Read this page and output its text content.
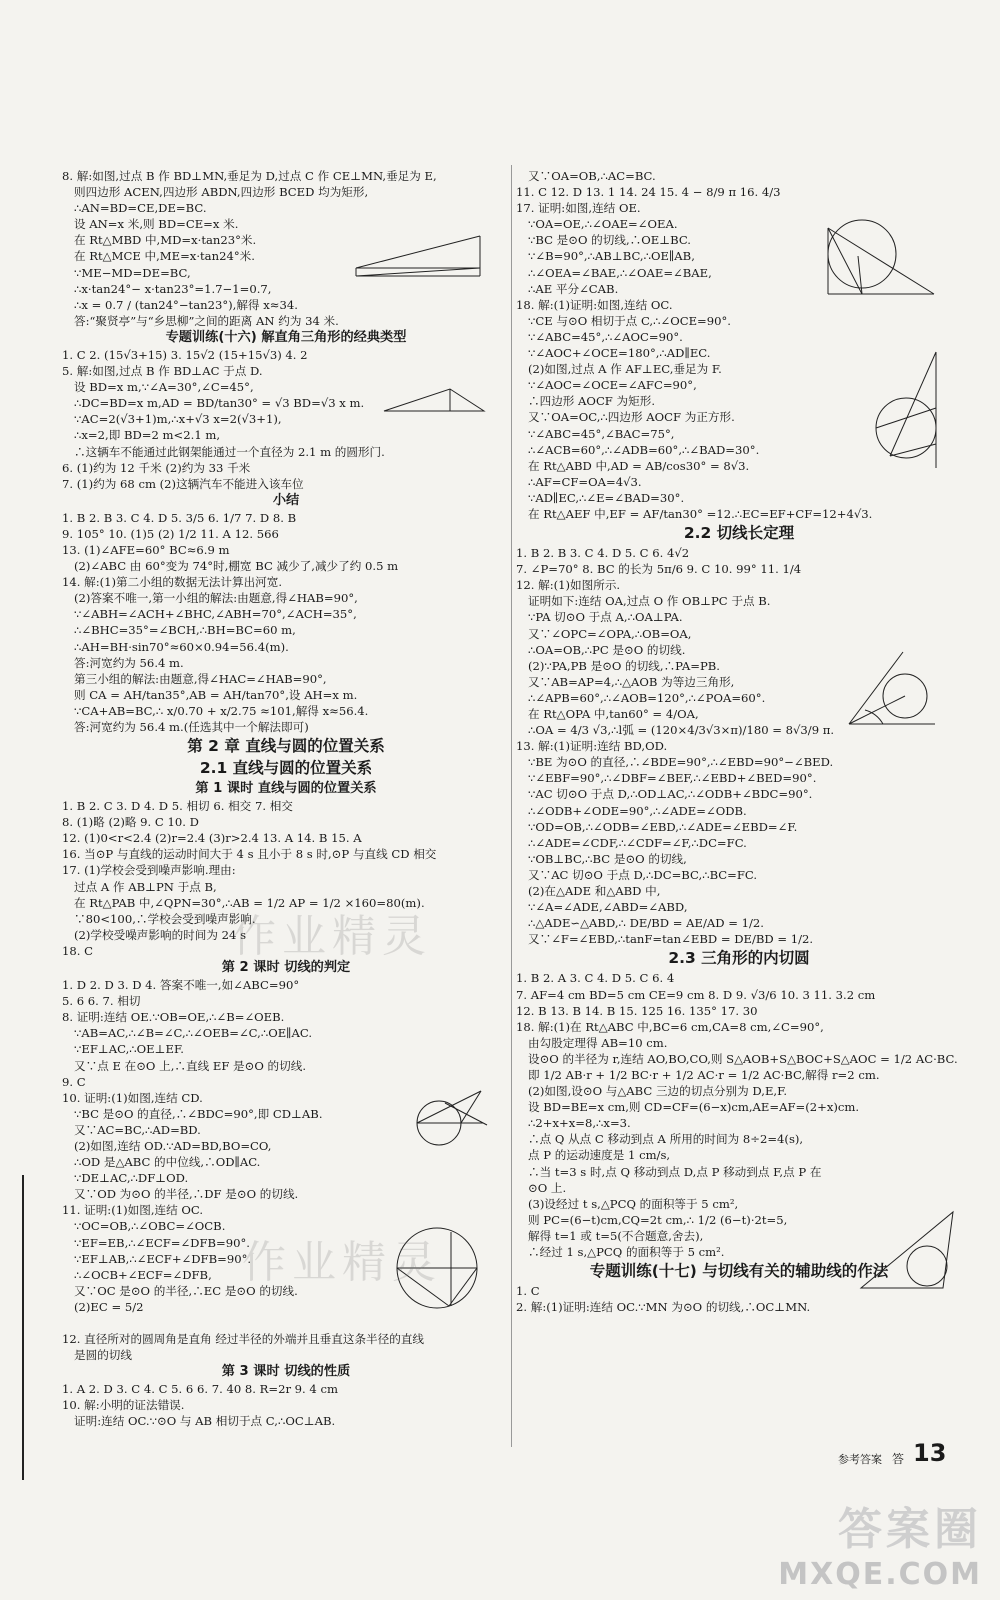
8. 解:如图,过点 B 作 BD⊥MN,垂足为 D,过点 C 作 CE⊥MN,垂足为 E,
则四边形 ACEN,四边形 ABDN,四边形 BCED 均为矩形,
∴AN=BD=CE,DE=BC.
设 AN=x 米,则 BD=CE=x 米.
在 Rt△MBD 中,MD=x·tan23°米.
在 Rt△MCE 中,ME=x·tan24°米.
∵ME−MD=DE=BC,
∴x·tan24°− x·tan23°=1.7−1=0.7,
∴x = 0.7 / (tan24°−tan23°),解得 x≈34.
答:“聚贤亭”与“乡思柳”之间的距离 AN 约为 34 米.
专题训练(十六) 解直角三角形的经典类型
1. C 2. (15√3+15) 3. 15√2 (15+15√3) 4. 2
5. 解:如图,过点 B 作 BD⊥AC 于点 D.
设 BD=x m,∵∠A=30°,∠C=45°,
∴DC=BD=x m,AD = BD/tan30° = √3 BD=√3 x m.
∵AC=2(√3+1)m,∴x+√3 x=2(√3+1),
∴x=2,即 BD=2 m<2.1 m,
∴这辆车不能通过此钢架能通过一个直径为 2.1 m 的圆形门.
6. (1)约为 12 千米 (2)约为 33 千米
7. (1)约为 68 cm (2)这辆汽车不能进入该车位
小结
1. B 2. B 3. C 4. D 5. 3/5 6. 1/7 7. D 8. B
9. 105° 10. (1)5 (2) 1/2 11. A 12. 566
13. (1)∠AFE=60° BC≈6.9 m
(2)∠ABC 由 60°变为 74°时,棚宽 BC 减少了,减少了约 0.5 m
14. 解:(1)第二小组的数据无法计算出河宽.
(2)答案不唯一,第一小组的解法:由题意,得∠HAB=90°,
∵∠ABH=∠ACH+∠BHC,∠ABH=70°,∠ACH=35°,
∴∠BHC=35°=∠BCH,∴BH=BC=60 m,
∴AH=BH·sin70°≈60×0.94=56.4(m).
答:河宽约为 56.4 m.
第三小组的解法:由题意,得∠HAC=∠HAB=90°,
则 CA = AH/tan35°,AB = AH/tan70°,设 AH=x m.
∵CA+AB=BC,∴ x/0.70 + x/2.75 ≈101,解得 x≈56.4.
答:河宽约为 56.4 m.(任选其中一个解法即可)
第 2 章 直线与圆的位置关系
2.1 直线与圆的位置关系
第 1 课时 直线与圆的位置关系
1. B 2. C 3. D 4. D 5. 相切 6. 相交 7. 相交
8. (1)略 (2)略 9. C 10. D
12. (1)0<r<2.4 (2)r=2.4 (3)r>2.4 13. A 14. B 15. A
16. 当⊙P 与直线的运动时间大于 4 s 且小于 8 s 时,⊙P 与直线 CD 相交
17. (1)学校会受到噪声影响.理由:
过点 A 作 AB⊥PN 于点 B,
在 Rt△PAB 中,∠QPN=30°,∴AB = 1/2 AP = 1/2 ×160=80(m).
∵80<100,∴学校会受到噪声影响.
(2)学校受噪声影响的时间为 24 s
18. C
第 2 课时 切线的判定
1. D 2. D 3. D 4. 答案不唯一,如∠ABC=90°
5. 6 6. 7. 相切
8. 证明:连结 OE.∵OB=OE,∴∠B=∠OEB.
∵AB=AC,∴∠B=∠C,∴∠OEB=∠C,∴OE∥AC.
∵EF⊥AC,∴OE⊥EF.
又∵点 E 在⊙O 上,∴直线 EF 是⊙O 的切线.
9. C
10. 证明:(1)如图,连结 CD.
∵BC 是⊙O 的直径,∴∠BDC=90°,即 CD⊥AB.
又∵AC=BC,∴AD=BD.
(2)如图,连结 OD.∵AD=BD,BO=CO,
∴OD 是△ABC 的中位线,∴OD∥AC.
∵DE⊥AC,∴DF⊥OD.
又∵OD 为⊙O 的半径,∴DF 是⊙O 的切线.
11. 证明:(1)如图,连结 OC.
∵OC=OB,∴∠OBC=∠OCB.
∵EF=EB,∴∠ECF=∠DFB=90°.
∵EF⊥AB,∴∠ECF+∠DFB=90°.
∴∠OCB+∠ECF=∠DFB,
又∵OC 是⊙O 的半径,∴EC 是⊙O 的切线.
(2)EC = 5/2
12. 直径所对的圆周角是直角 经过半径的外端并且垂直这条半径的直线
是圆的切线
第 3 课时 切线的性质
1. A 2. D 3. C 4. C 5. 6 6. 7. 40 8. R=2r 9. 4 cm
10. 解:小明的证法错误.
证明:连结 OC.∵⊙O 与 AB 相切于点 C,∴OC⊥AB.
又∵OA=OB,∴AC=BC.
11. C 12. D 13. 1 14. 24 15. 4 − 8/9 π 16. 4/3
17. 证明:如图,连结 OE.
∵OA=OE,∴∠OAE=∠OEA.
∵BC 是⊙O 的切线,∴OE⊥BC.
∵∠B=90°,∴AB⊥BC,∴OE∥AB,
∴∠OEA=∠BAE,∴∠OAE=∠BAE,
∴AE 平分∠CAB.
18. 解:(1)证明:如图,连结 OC.
∵CE 与⊙O 相切于点 C,∴∠OCE=90°.
∵∠ABC=45°,∴∠AOC=90°.
∵∠AOC+∠OCE=180°,∴AD∥EC.
(2)如图,过点 A 作 AF⊥EC,垂足为 F.
∵∠AOC=∠OCE=∠AFC=90°,
∴四边形 AOCF 为矩形.
又∵OA=OC,∴四边形 AOCF 为正方形.
∵∠ABC=45°,∠BAC=75°,
∴∠ACB=60°,∴∠ADB=60°,∴∠BAD=30°.
在 Rt△ABD 中,AD = AB/cos30° = 8√3.
∴AF=CF=OA=4√3.
∵AD∥EC,∴∠E=∠BAD=30°.
在 Rt△AEF 中,EF = AF/tan30° =12.∴EC=EF+CF=12+4√3.
2.2 切线长定理
1. B 2. B 3. C 4. D 5. C 6. 4√2
7. ∠P=70° 8. BC 的长为 5π/6 9. C 10. 99° 11. 1/4
12. 解:(1)如图所示.
证明如下:连结 OA,过点 O 作 OB⊥PC 于点 B.
∵PA 切⊙O 于点 A,∴OA⊥PA.
又∵∠OPC=∠OPA,∴OB=OA,
∴OA=OB,∴PC 是⊙O 的切线.
(2)∵PA,PB 是⊙O 的切线,∴PA=PB.
又∵AB=AP=4,∴△AOB 为等边三角形,
∴∠APB=60°,∴∠AOB=120°,∴∠POA=60°.
在 Rt△OPA 中,tan60° = 4/OA,
∴OA = 4/3 √3,∴l弧 = (120×4/3√3×π)/180 = 8√3/9 π.
13. 解:(1)证明:连结 BD,OD.
∵BE 为⊙O 的直径,∴∠BDE=90°,∴∠EBD=90°−∠BED.
∵∠EBF=90°,∴∠DBF=∠BEF,∴∠EBD+∠BED=90°.
∵AC 切⊙O 于点 D,∴OD⊥AC,∴∠ODB+∠BDC=90°.
∴∠ODB+∠ODE=90°,∴∠ADE=∠ODB.
∵OD=OB,∴∠ODB=∠EBD,∴∠ADE=∠EBD=∠F.
∴∠ADE=∠CDF,∴∠CDF=∠F,∴DC=FC.
∵OB⊥BC,∴BC 是⊙O 的切线,
又∵AC 切⊙O 于点 D,∴DC=BC,∴BC=FC.
(2)在△ADE 和△ABD 中,
∵∠A=∠ADE,∠ABD=∠ABD,
∴△ADE∽△ABD,∴ DE/BD = AE/AD = 1/2.
又∵∠F=∠EBD,∴tanF=tan∠EBD = DE/BD = 1/2.
2.3 三角形的内切圆
1. B 2. A 3. C 4. D 5. C 6. 4
7. AF=4 cm BD=5 cm CE=9 cm 8. D 9. √3/6 10. 3 11. 3.2 cm
12. B 13. B 14. B 15. 125 16. 135° 17. 30
18. 解:(1)在 Rt△ABC 中,BC=6 cm,CA=8 cm,∠C=90°,
由勾股定理得 AB=10 cm.
设⊙O 的半径为 r,连结 AO,BO,CO,则 S△AOB+S△BOC+S△AOC = 1/2 AC·BC.
即 1/2 AB·r + 1/2 BC·r + 1/2 AC·r = 1/2 AC·BC,解得 r=2 cm.
(2)如图,设⊙O 与△ABC 三边的切点分别为 D,E,F.
设 BD=BE=x cm,则 CD=CF=(6−x)cm,AE=AF=(2+x)cm.
∴2+x+x=8,∴x=3.
∴点 Q 从点 C 移动到点 A 所用的时间为 8÷2=4(s),
点 P 的运动速度是 1 cm/s,
∴当 t=3 s 时,点 Q 移动到点 D,点 P 移动到点 F,点 P 在
⊙O 上.
(3)设经过 t s,△PCQ 的面积等于 5 cm²,
则 PC=(6−t)cm,CQ=2t cm,∴ 1/2 (6−t)·2t=5,
解得 t=1 或 t=5(不合题意,舍去),
∴经过 1 s,△PCQ 的面积等于 5 cm².
专题训练(十七) 与切线有关的辅助线的作法
1. C
2. 解:(1)证明:连结 OC.∵MN 为⊙O 的切线,∴OC⊥MN.
作业精灵
作业精灵
参考答案 答 13
答案圈
MXQE.COM
